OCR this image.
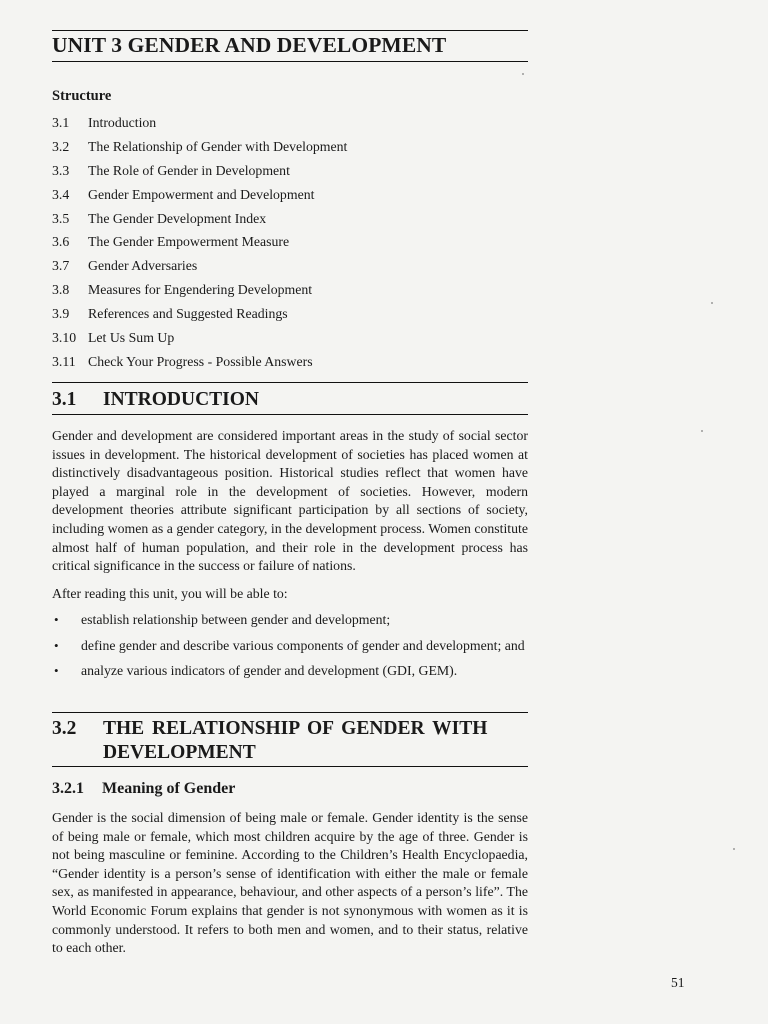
UNIT 3 GENDER AND DEVELOPMENT
Structure
3.1 Introduction
3.2 The Relationship of Gender with Development
3.3 The Role of Gender in Development
3.4 Gender Empowerment and Development
3.5 The Gender Development Index
3.6 The Gender Empowerment Measure
3.7 Gender Adversaries
3.8 Measures for Engendering Development
3.9 References and Suggested Readings
3.10 Let Us Sum Up
3.11 Check Your Progress - Possible Answers
3.1 INTRODUCTION

Gender and development are considered important areas in the study of social sector issues in development. The historical development of societies has placed women at distinctively disadvantageous position. Historical studies reflect that women have played a marginal role in the development of societies. However, modern development theories attribute significant participation by all sections of society, including women as a gender category, in the development process. Women constitute almost half of human population, and their role in the development process has critical significance in the success or failure of nations.

After reading this unit, you will be able to:

• establish relationship between gender and development;
• define gender and describe various components of gender and development; and
• analyze various indicators of gender and development (GDI, GEM).
3.2 THE RELATIONSHIP OF GENDER WITH
DEVELOPMENT
3.2.1 Meaning of Gender

Gender is the social dimension of being male or female. Gender identity is the sense of being male or female, which most children acquire by the age of three. Gender is not being masculine or feminine. According to the Children’s Health Encyclopaedia, “Gender identity is a person’s sense of identification with either the male or female sex, as manifested in appearance, behaviour, and other aspects of a person’s life”. The World Economic Forum explains that gender is not synonymous with women as it is commonly understood. It refers to both men and women, and to their status, relative to each other.

51
